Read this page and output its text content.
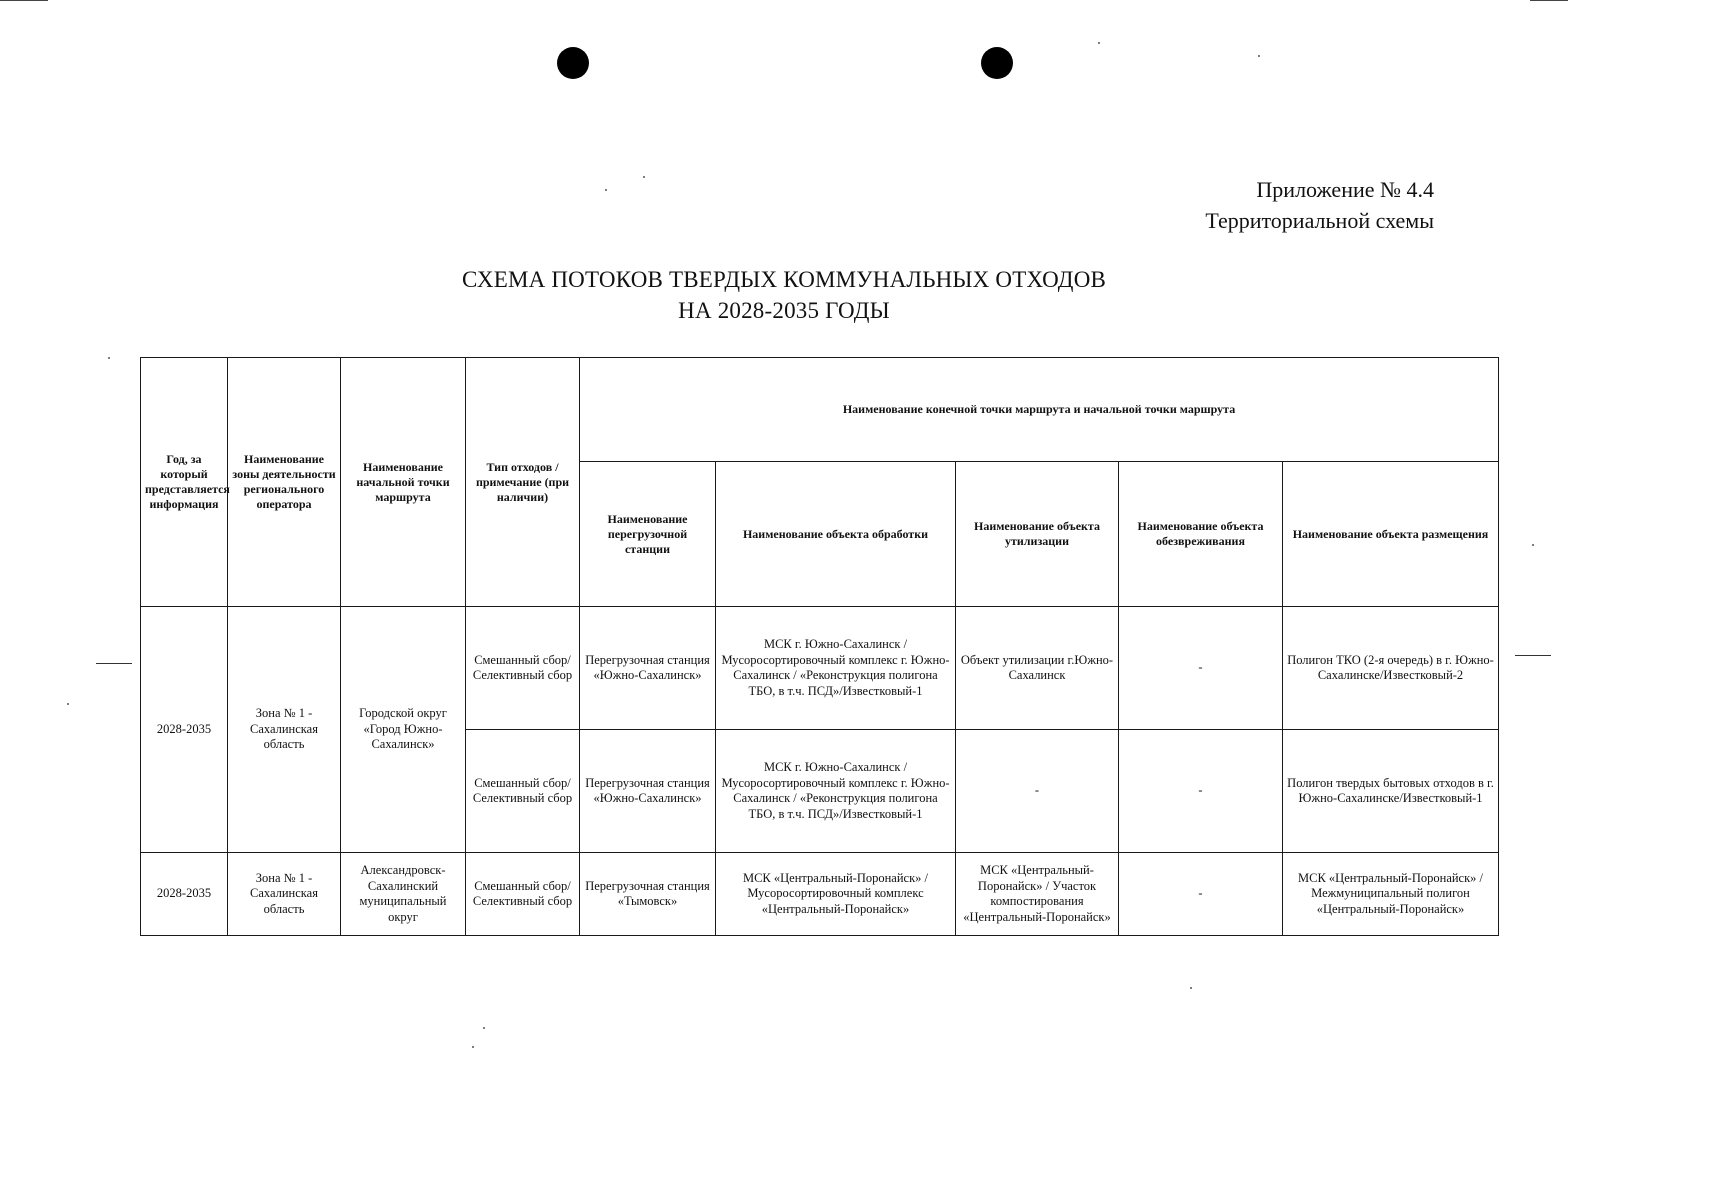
Приложение № 4.4
Территориальной схемы
СХЕМА ПОТОКОВ ТВЕРДЫХ КОММУНАЛЬНЫХ ОТХОДОВ
НА 2028-2035 ГОДЫ
Год, за который представляется информация	Наименование зоны деятельности регионального оператора	Наименование начальной точки маршрута	Тип отходов / примечание (при наличии)	Наименование конечной точки маршрута и начальной точки маршрута				
				Наименование перегрузочной станции	Наименование объекта обработки	Наименование объекта утилизации	Наименование объекта обезвреживания	Наименование объекта размещения
2028-2035	Зона № 1 - Сахалинская область	Городской округ «Город Южно-Сахалинск»	Смешанный сбор/ Селективный сбор	Перегрузочная станция «Южно-Сахалинск»	МСК г. Южно-Сахалинск / Мусоросортировочный комплекс г. Южно-Сахалинск / «Реконструкция полигона ТБО, в т.ч. ПСД»/Известковый-1	Объект утилизации г.Южно-Сахалинск	-	Полигон ТКО (2-я очередь) в г. Южно-Сахалинске/Известковый-2
			Смешанный сбор/ Селективный сбор	Перегрузочная станция «Южно-Сахалинск»	МСК г. Южно-Сахалинск / Мусоросортировочный комплекс г. Южно-Сахалинск / «Реконструкция полигона ТБО, в т.ч. ПСД»/Известковый-1	-	-	Полигон твердых бытовых отходов в г. Южно-Сахалинске/Известковый-1
2028-2035	Зона № 1 - Сахалинская область	Александровск-Сахалинский муниципальный округ	Смешанный сбор/ Селективный сбор	Перегрузочная станция «Тымовск»	МСК «Центральный-Поронайск» / Мусоросортировочный комплекс «Центральный-Поронайск»	МСК «Центральный-Поронайск» / Участок компостирования «Центральный-Поронайск»	-	МСК «Центральный-Поронайск» / Межмуниципальный полигон «Центральный-Поронайск»
